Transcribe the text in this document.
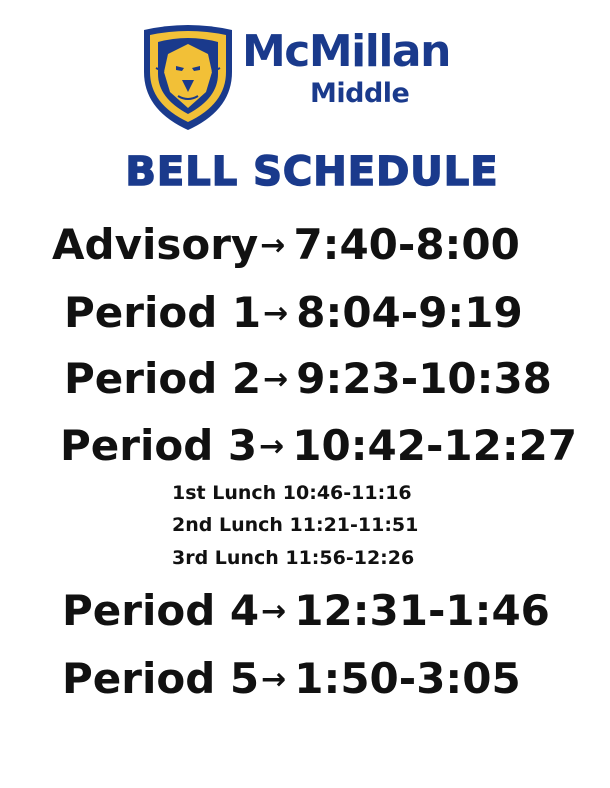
McMillan
Middle
BELL SCHEDULE
Advisory→ 7:40-8:00
Period 1→ 8:04-9:19
Period 2→ 9:23-10:38
Period 3→ 10:42-12:27
1st Lunch 10:46-11:16
2nd Lunch 11:21-11:51
3rd Lunch 11:56-12:26
Period 4→ 12:31-1:46
Period 5→ 1:50-3:05
